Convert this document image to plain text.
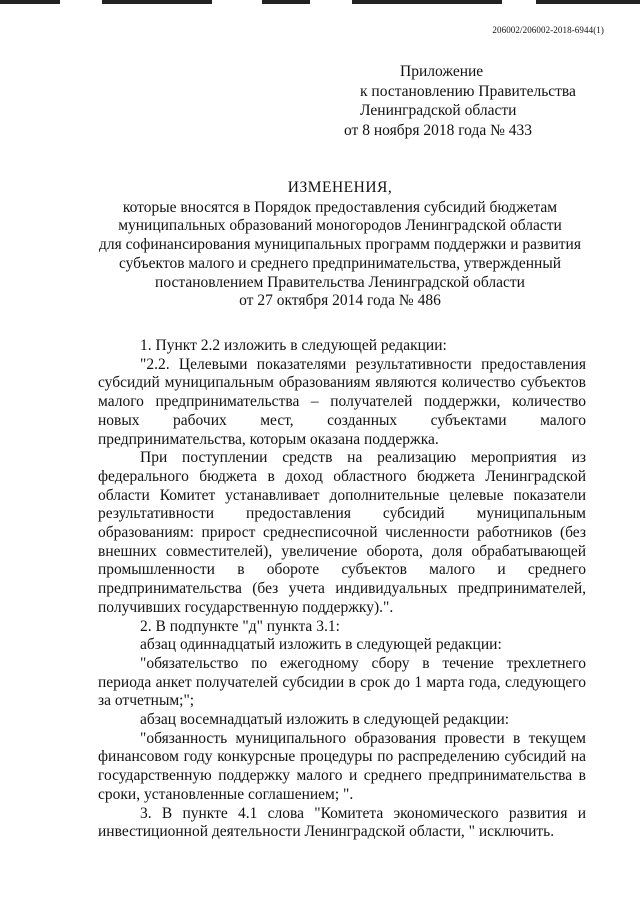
206002/206002-2018-6944(1)
Приложение
к постановлению Правительства
Ленинградской области
от 8 ноября 2018 года № 433
ИЗМЕНЕНИЯ,
которые вносятся в Порядок предоставления субсидий бюджетам
муниципальных образований моногородов Ленинградской области
для софинансирования муниципальных программ поддержки и развития
субъектов малого и среднего предпринимательства, утвержденный
постановлением Правительства Ленинградской области
от 27 октября 2014 года № 486
1. Пункт 2.2 изложить в следующей редакции:
"2.2. Целевыми показателями результативности предоставления субсидий муниципальным образованиям являются количество субъектов малого предпринимательства – получателей поддержки, количество новых рабочих мест, созданных субъектами малого предпринимательства, которым оказана поддержка.
При поступлении средств на реализацию мероприятия из федерального бюджета в доход областного бюджета Ленинградской области Комитет устанавливает дополнительные целевые показатели результативности предоставления субсидий муниципальным образованиям: прирост среднесписочной численности работников (без внешних совместителей), увеличение оборота, доля обрабатывающей промышленности в обороте субъектов малого и среднего предпринимательства (без учета индивидуальных предпринимателей, получивших государственную поддержку).".
2. В подпункте "д" пункта 3.1:
абзац одиннадцатый изложить в следующей редакции:
"обязательство по ежегодному сбору в течение трехлетнего периода анкет получателей субсидии в срок до 1 марта года, следующего за отчетным;";
абзац восемнадцатый изложить в следующей редакции:
"обязанность муниципального образования провести в текущем финансовом году конкурсные процедуры по распределению субсидий на государственную поддержку малого и среднего предпринимательства в сроки, установленные соглашением; ".
3. В пункте 4.1 слова "Комитета экономического развития и инвестиционной деятельности Ленинградской области, " исключить.
